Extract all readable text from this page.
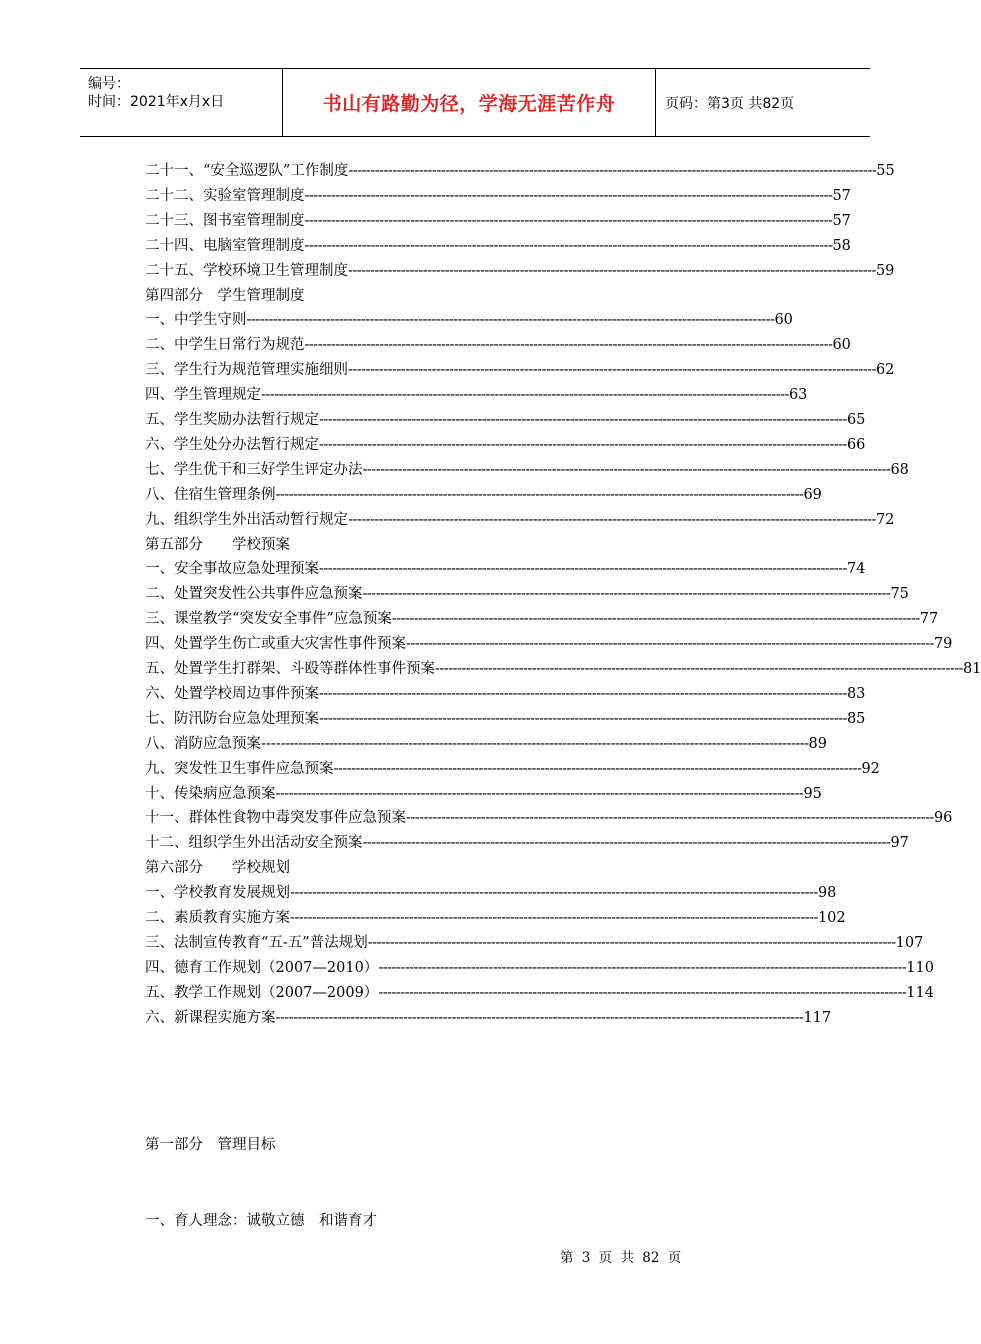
编号：
时间：2021年x月x日	书山有路勤为径，学海无涯苦作舟	页码：第3页 共82页
二十一、“安全巡逻队”工作制度 ------------------------------------------------------------------------------------------------------------------------ 55
二十二、实验室管理制度 ------------------------------------------------------------------------------------------------------------------------ 57
二十三、图书室管理制度 ------------------------------------------------------------------------------------------------------------------------ 57
二十四、电脑室管理制度 ------------------------------------------------------------------------------------------------------------------------ 58
二十五、学校环境卫生管理制度 ------------------------------------------------------------------------------------------------------------------------ 59
第四部分　学生管理制度
一、中学生守则 ------------------------------------------------------------------------------------------------------------------------ 60
二、中学生日常行为规范 ------------------------------------------------------------------------------------------------------------------------ 60
三、学生行为规范管理实施细则 ------------------------------------------------------------------------------------------------------------------------ 62
四、学生管理规定 ------------------------------------------------------------------------------------------------------------------------ 63
五、学生奖励办法暂行规定 ------------------------------------------------------------------------------------------------------------------------ 65
六、学生处分办法暂行规定 ------------------------------------------------------------------------------------------------------------------------ 66
七、学生优干和三好学生评定办法 ------------------------------------------------------------------------------------------------------------------------ 68
八、住宿生管理条例 ------------------------------------------------------------------------------------------------------------------------ 69
九、组织学生外出活动暂行规定 ------------------------------------------------------------------------------------------------------------------------ 72
第五部分　　学校预案
一、 安全事故应急处理预案 ------------------------------------------------------------------------------------------------------------------------ 74
二、 处置突发性公共事件应急预案 ------------------------------------------------------------------------------------------------------------------------ 75
三、 课堂教学“突发安全事件”应急预案 ------------------------------------------------------------------------------------------------------------------------ 77
四、 处置学生伤亡或重大灾害性事件预案 ------------------------------------------------------------------------------------------------------------------------ 79
五、 处置学生打群架、斗殴等群体性事件预案 ------------------------------------------------------------------------------------------------------------------------ 81
六、 处置学校周边事件预案 ------------------------------------------------------------------------------------------------------------------------ 83
七、 防汛防台应急处理预案 ------------------------------------------------------------------------------------------------------------------------ 85
八、 消防应急预案---- ------------------------------------------------------------------------------------------------------------------------ 89
九、 突发性卫生事件应急预案 ------------------------------------------------------------------------------------------------------------------------ 92
十、 传染病应急预案 ------------------------------------------------------------------------------------------------------------------------ 95
十一、群体性食物中毒突发事件应急预案 ------------------------------------------------------------------------------------------------------------------------ 96
十二、组织学生外出活动安全预案 ------------------------------------------------------------------------------------------------------------------------ 97
第六部分　　学校规划
一、 学校教育发展规划 ------------------------------------------------------------------------------------------------------------------------ 98
二、 素质教育实施方案 ------------------------------------------------------------------------------------------------------------------------ 102
三、 法制宣传教育“五-五”普法规划 ------------------------------------------------------------------------------------------------------------------------ 107
四、 德育工作规划（2007—2010） ------------------------------------------------------------------------------------------------------------------------ 110
五、 教学工作规划（2007—2009） ------------------------------------------------------------------------------------------------------------------------ 114
六、 新课程实施方案 ------------------------------------------------------------------------------------------------------------------------ 117
第一部分　管理目标
一、育人理念：诚敬立德　和谐育才
第 3 页 共 82 页
